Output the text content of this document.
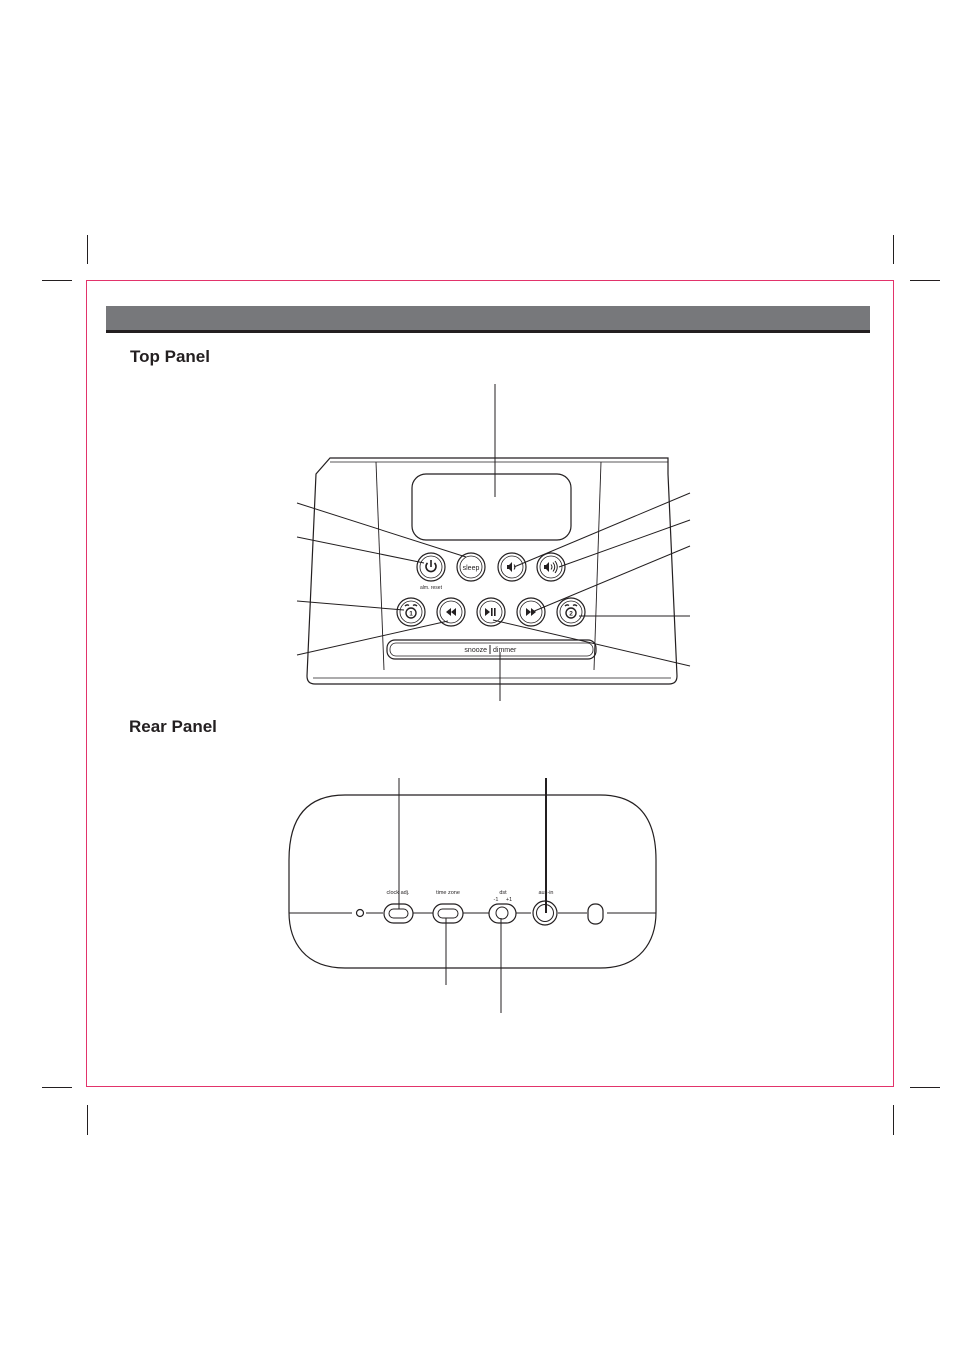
Top Panel
Rear Panel
alm. reset
sleep
1	2
snooze dimmer
clock adj.	time zone	dst
-1 +1
aux-in
